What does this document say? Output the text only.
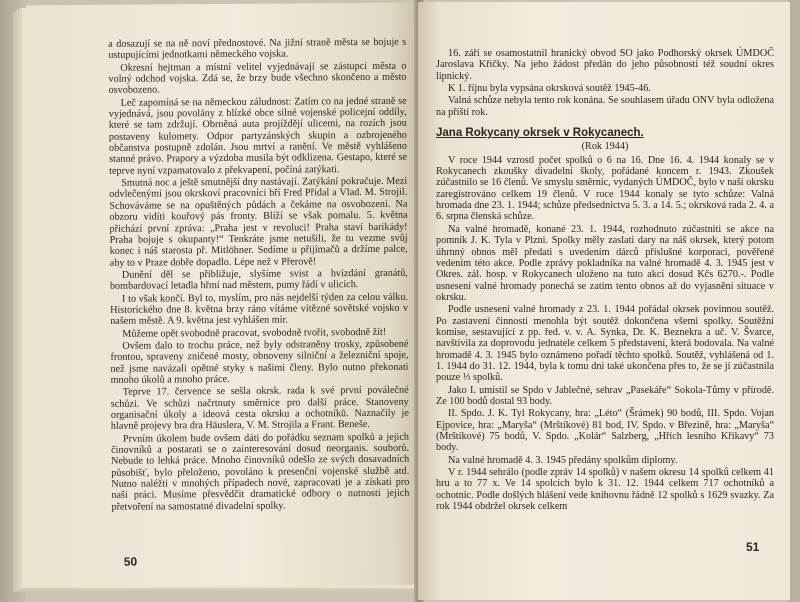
a dosazují se na ně noví přednostové. Na jižní straně města se bojuje s ustupujícími jednotkami německého vojska.

Okresní hejtman a místní velitel vyjednávají se zástupci města o volný odchod vojska. Zdá se, že brzy bude všechno skončeno a město osvobozeno.

Leč zapomíná se na německou záludnost: Zatím co na jedné straně se vyjednává, jsou povolány z blízké obce silné vojenské policejní oddíly, které se tam zdržují. Obrněná auta projíždějí ulicemi, na rozích jsou postaveny kulomety. Odpor partyzánských skupin a ozbrojeného občanstva postupně zdolán. Jsou mrtví a ranění. Ve městě vyhlášeno stanné právo. Prapory a výzdoba musila být odklizena. Gestapo, které se teprve nyní vzpamatovalo z překvapení, počíná zatýkati.

Smutná noc a ještě smutnější dny nastávají. Zatýkání pokračuje. Mezi odvlečenými jsou okrskoví pracovníci bří Fred Přidal a Vlad. M. Strojil. Schováváme se na opuštěných půdách a čekáme na osvobození. Na obzoru vidíti kouřový pás fronty. Blíží se však pomalu. 5. května přichází první zpráva: „Praha jest v revoluci! Praha staví barikády! Praha bojuje s okupanty!“ Tenkráte jsme netušili, že tu vezme svůj konec i náš starosta př. Mitlöhner. Sedíme u přijímačů a držíme palce, aby to v Praze dobře dopadlo. Lépe než v Přerově!

Dunění děl se přibližuje, slyšíme svist a hvízdání granátů, bombardovací letadla hřmí nad městem, pumy řádí v ulicích.

I to však končí. Byl to, myslím, pro nás nejdelší týden za celou válku. Historického dne 8. května brzy ráno vítáme vítězné sovětské vojsko v našem městě. A 9. května jest vyhlášen mír.

Můžeme opět svobodně pracovat, svobodně tvořit, svobodně žít!

Ovšem dalo to trochu práce, než byly odstraněny trosky, způsobené frontou, spraveny zničené mosty, obnoveny silniční a železniční spoje, než jsme navázali opětné styky s našimi členy. Bylo nutno překonati mnoho úkolů a mnoho práce.

Teprve 17. července se sešla okrsk. rada k své první poválečné schůzi. Ve schůzi načrtnuty směrnice pro další práce. Stanoveny organisační úkoly a ideová cesta okrsku a ochotníků. Naznačily je hlavně projevy bra dra Häuslera, V. M. Strojila a Frant. Beneše.

Prvním úkolem bude ovšem dáti do pořádku seznam spolků a jejich činovníků a postarati se o zainteresování dosud neorganis. souborů. Nebude to lehká práce. Mnoho činovníků odešlo ze svých dosavadních působišť, bylo přeloženo, povoláno k presenční vojenské službě atd. Nutno naléžti v mnohých případech nové, zapracovati je a získati pro naši práci. Musíme přesvědčit dramatické odbory o nutnosti jejich přetvoření na samostatné divadelní spolky.

50

16. září se osamostatnil hranický obvod SO jako Podhorský okrsek ÚMDOČ Jaroslava Křičky. Na jeho žádost předán do jeho působnosti též soudní okres lipnický.

K 1. říjnu byla vypsána okrsková soutěž 1945-46.

Valná schůze nebyla tento rok konána. Se souhlasem úřadu ONV byla odložena na příští rok.

Jana Rokycany okrsek v Rokycanech.
(Rok 1944)

V roce 1944 vzrostl počet spolků o 6 na 16. Dne 16. 4. 1944 konaly se v Rokycanech zkoušky divadelní školy, pořádané koncem r. 1943. Zkoušek zúčastnilo se 16 členů. Ve smyslu směrnic, vydaných ÚMDOČ, bylo v naší okrsku zaregistrováno celkem 19 členů. V roce 1944 konaly se tyto schůze: Valná hromada dne 23. 1. 1944; schůze předsednictva 5. 3. a 14. 5.; okrsková rada 2. 4. a 6. srpna členská schůze.

Na valné hromadě, konané 23. 1. 1944, rozhodnuto zúčastniti se akce na pomník J. K. Tyla v Plzni. Spolky měly zaslati dary na náš okrsek, který potom úhrnný obnos měl předati s uvedením dárců příslušné korporaci, pověřené vedením této akce. Podle zprávy pokladníka na valné hromadě 4. 3. 1945 jest v Okres. zál. hosp. v Rokycanech uloženo na tuto akci dosud Kčs 6270.-. Podle usnesení valné hromady ponechá se zatím tento obnos až do vyjasnění situace v okrsku.

Podle usnesení valné hromady z 23. 1. 1944 pořádal okrsek povinnou soutěž. Po zastavení činnosti menohla být soutěž dokončena všemi spolky. Soutěžní komise, sestavující z pp. řed. v. v. A. Synka, Dr. K. Beznekra a uč. V. Švarce, navštívila za doprovodu jednatele celkem 5 představení, která bodovala. Na valné hromadě 4. 3. 1945 bylo oznámeno pořadí těchto spolků. Soutěž, vyhlášená od 1. 1. 1944 do 31. 12. 1944, byla k tomu dni také ukončena přes to, že se ji zúčastnila pouze ⅓ spolků.

Jako I. umístil se Spdo v Jablečné, sehrav „Pasekáře“ Sokola-Tůmy v přírodě. Ze 100 bodů dostal 93 body.

II. Spdo. J. K. Tyl Rokycany, hra: „Léto“ (Šrámek) 90 bodů, III. Spdo. Vojan Ejpovice, hra: „Maryša“ (Mrštíkové) 81 bod, IV. Spdo. v Březině, hra: „Maryša“ (Mrštíkové) 75 bodů, V. Spdo. „Kolár“ Salzberg, „Hřích lesního Křikavy“ 73 body.

Na valné hromadě 4. 3. 1945 předány spolkům diplomy.

V r. 1944 sehrálo (podle zpráv 14 spolků) v našem okresu 14 spolků celkem 41 hru a to 77 x. Ve 14 spolcích bylo k 31. 12. 1944 celkem 717 ochotníků a ochotnic. Podle došlých hlášení vede knihovnu řádně 12 spolků s 1629 svazky. Za rok 1944 obdržel okrsek celkem

51
